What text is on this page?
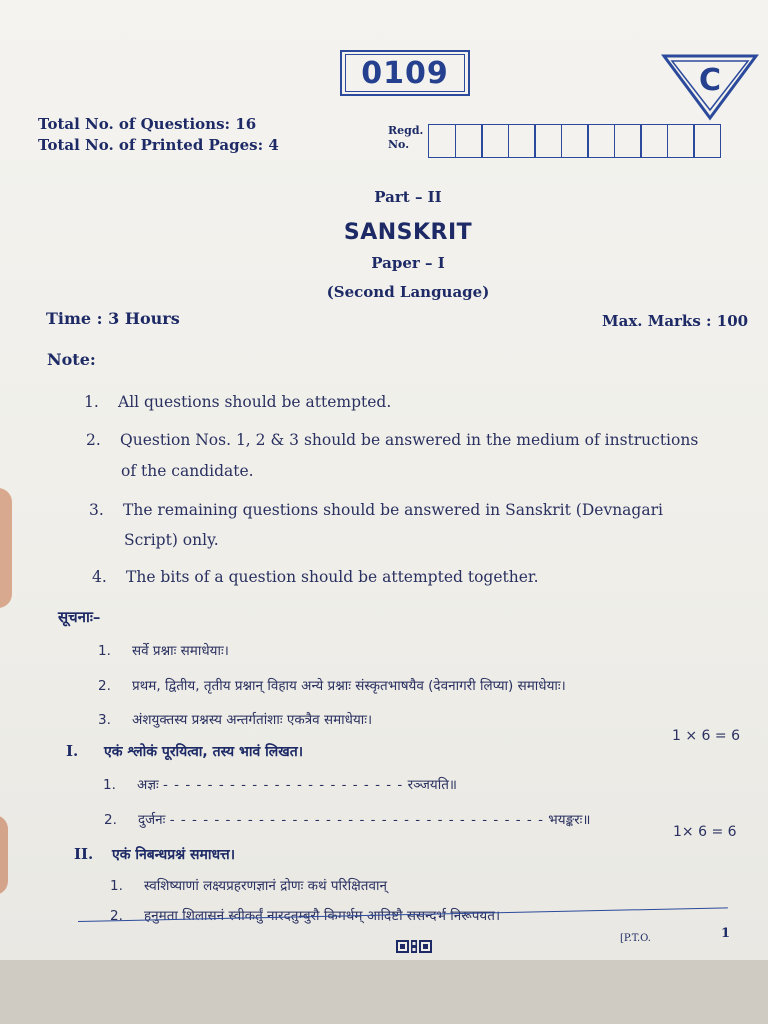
0109	C
Total No. of Questions: 16
Total No. of Printed Pages: 4
Regd.
No.
Part – II
SANSKRIT
Paper – I
(Second Language)
Time : 3 Hours	Max. Marks : 100
Note:
1. All questions should be attempted.
2. Question Nos. 1, 2 & 3 should be answered in the medium of instructions
of the candidate.
3. The remaining questions should be answered in Sanskrit (Devnagari
Script) only.
4. The bits of a question should be attempted together.
सूचनाः–
1. सर्वे प्रश्नाः समाधेयाः।
2. प्रथम, द्वितीय, तृतीय प्रश्नान् विहाय अन्ये प्रश्नाः संस्कृतभाषयैव (देवनागरी लिप्या) समाधेयाः।
3. अंशयुक्तस्य प्रश्नस्य अन्तर्गतांशाः एकत्रैव समाधेयाः।
1 × 6 = 6
I. एकं श्लोकं पूरयित्वा, तस्य भावं लिखत।
1. अज्ञः - - - - - - - - - - - - - - - - - - - - - - रञ्जयति॥
2. दुर्जनः - - - - - - - - - - - - - - - - - - - - - - - - - - - - - - - - - - भयङ्करः॥
1× 6 = 6
II. एकं निबन्धप्रश्नं समाधत्त।
1. स्वशिष्याणां लक्ष्यप्रहरणज्ञानं द्रोणः कथं परिक्षितवान्
2. हनुमता शिलासनं स्वीकर्तुं नारदतुम्बुरौ किमर्थम् आदिष्टौ ससन्दर्भ निरूपयत।
[P.T.O.	1
